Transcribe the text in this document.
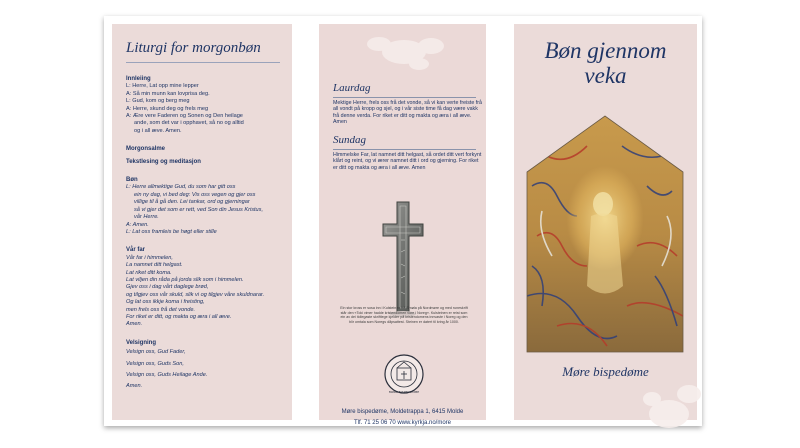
Liturgi for morgonbøn
Innleiing
L: Herre, Lat opp mine lepper
A: Så min munn kan lovprisa deg.
L: Gud, kom og berg meg
A: Herre, skund deg og frels meg
A: Ære vere Faderen og Sonen og Den heilage
ande, som det var i opphavet, så no og alltid
og i all æve. Amen.
Morgonsalme
Tekstlesing og meditasjon
Bøn
L: Herre allmektige Gud, du som har gitt oss
ein ny dag, vi bed deg: Vis oss vegen og gjer oss
villige til å gå den. Lei tankar, ord og gjerningar
så vi gjer det som er rett, ved Son din Jesus Kristus,
vår Herre.
A: Amen.
L: Lat oss framleis be høgt eller stille
Vår far
Vår far i himmelen,
La namnet ditt helgast.
Lat riket ditt koma.
Lat viljen din råda på jorda slik som i himmelen.
Gjev oss i dag vårt daglege brød,
og tilgjev oss vår skuld, slik vi og tilgjev våre skuldnarar.
Og lat oss ikkje koma i freisting,
men frels oss frå det vonde.
For riket er ditt, og makta og æra i all æve.
Amen.
Velsigning
Velsign oss, Gud Fader,
Velsign oss, Guds Son,
Velsign oss, Guds Heilage Ande.
Amen.
Laurdag
Mektige Herre, frels oss frå det vonde, så vi kan verte freiste frå all vondt på kropp og sjel, og i vår siste time få dag være vakk frå denne verda. For riket er ditt og makta og æra i all æve. Amen
Sundag
Himmelske Far, lat namnet ditt helgast, så ordet ditt vert forkynt klårt og reint, og vi ærer namnet ditt i ord og gjerning. For riket er ditt og makta og æra i all æve. Amen
Ein stor kross er sosa inn i Kulsteinen frå Smøla på Nordmøre og med runeskrift står den «Toki vimer hadde kristendomen vore i Noreg». Kulsteinen er reist som ein av dei tidlegaste skriftlege kjelder på kristendomens innvaste i Noreg og den blir omtala som Noregs dåpsattest. Steinen er datert til kring år 1000.
MØRE BISPEDØMME
Møre bispedøme, Moldetrappa 1, 6415 Molde
Tlf. 71 25 06 70 www.kyrkja.no/more
Bøn gjennom
veka
Møre bispedøme
